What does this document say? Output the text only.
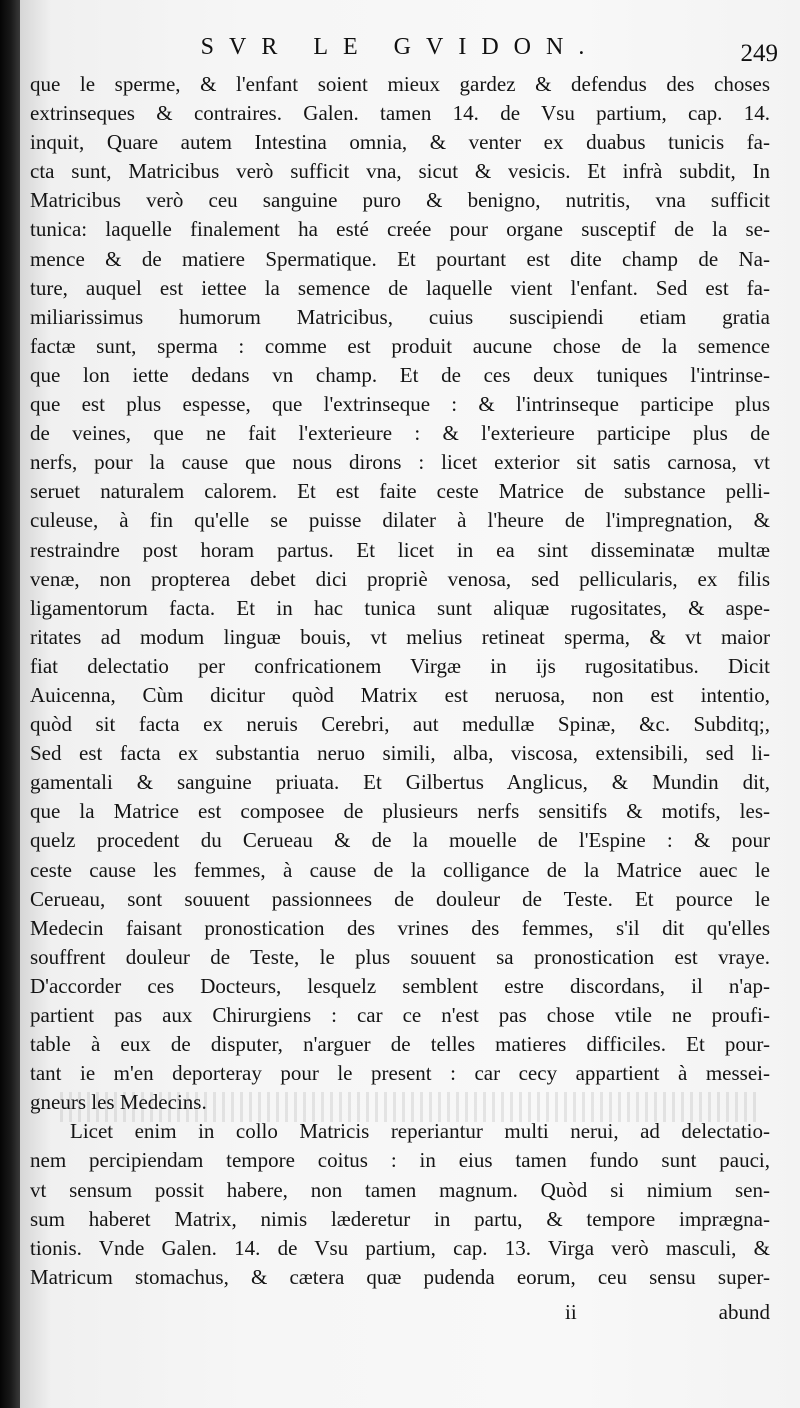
SVR LE GVIDON.	249
que le sperme, & l'enfant soient mieux gardez & defendus des choses
extrinseques & contraires. Galen. tamen 14. de Vsu partium, cap. 14.
inquit, Quare autem Intestina omnia, & venter ex duabus tunicis fa-
cta sunt, Matricibus verò sufficit vna, sicut & vesicis. Et infrà subdit, In
Matricibus verò ceu sanguine puro & benigno, nutritis, vna sufficit
tunica: laquelle finalement ha esté creée pour organe susceptif de la se-
mence & de matiere Spermatique. Et pourtant est dite champ de Na-
ture, auquel est iettee la semence de laquelle vient l'enfant. Sed est fa-
miliarissimus humorum Matricibus, cuius suscipiendi etiam gratia
factæ sunt, sperma : comme est produit aucune chose de la semence
que lon iette dedans vn champ. Et de ces deux tuniques l'intrinse-
que est plus espesse, que l'extrinseque : & l'intrinseque participe plus
de veines, que ne fait l'exterieure : & l'exterieure participe plus de
nerfs, pour la cause que nous dirons : licet exterior sit satis carnosa, vt
seruet naturalem calorem. Et est faite ceste Matrice de substance pelli-
culeuse, à fin qu'elle se puisse dilater à l'heure de l'impregnation, &
restraindre post horam partus. Et licet in ea sint disseminatæ multæ
venæ, non propterea debet dici propriè venosa, sed pellicularis, ex filis
ligamentorum facta. Et in hac tunica sunt aliquæ rugositates, & aspe-
ritates ad modum linguæ bouis, vt melius retineat sperma, & vt maior
fiat delectatio per confricationem Virgæ in ijs rugositatibus. Dicit
Auicenna, Cùm dicitur quòd Matrix est neruosa, non est intentio,
quòd sit facta ex neruis Cerebri, aut medullæ Spinæ, &c. Subditq;,
Sed est facta ex substantia neruo simili, alba, viscosa, extensibili, sed li-
gamentali & sanguine priuata. Et Gilbertus Anglicus, & Mundin dit,
que la Matrice est composee de plusieurs nerfs sensitifs & motifs, les-
quelz procedent du Cerueau & de la mouelle de l'Espine : & pour
ceste cause les femmes, à cause de la colligance de la Matrice auec le
Cerueau, sont souuent passionnees de douleur de Teste. Et pource le
Medecin faisant pronostication des vrines des femmes, s'il dit qu'elles
souffrent douleur de Teste, le plus souuent sa pronostication est vraye.
D'accorder ces Docteurs, lesquelz semblent estre discordans, il n'ap-
partient pas aux Chirurgiens : car ce n'est pas chose vtile ne proufi-
table à eux de disputer, n'arguer de telles matieres difficiles. Et pour-
tant ie m'en deporteray pour le present : car cecy appartient à messei-
gneurs les Medecins.
Licet enim in collo Matricis reperiantur multi nerui, ad delectatio-
nem percipiendam tempore coitus : in eius tamen fundo sunt pauci,
vt sensum possit habere, non tamen magnum. Quòd si nimium sen-
sum haberet Matrix, nimis læderetur in partu, & tempore imprægna-
tionis. Vnde Galen. 14. de Vsu partium, cap. 13. Virga verò masculi, &
Matricum stomachus, & cætera quæ pudenda eorum, ceu sensu super-
ii	abund
